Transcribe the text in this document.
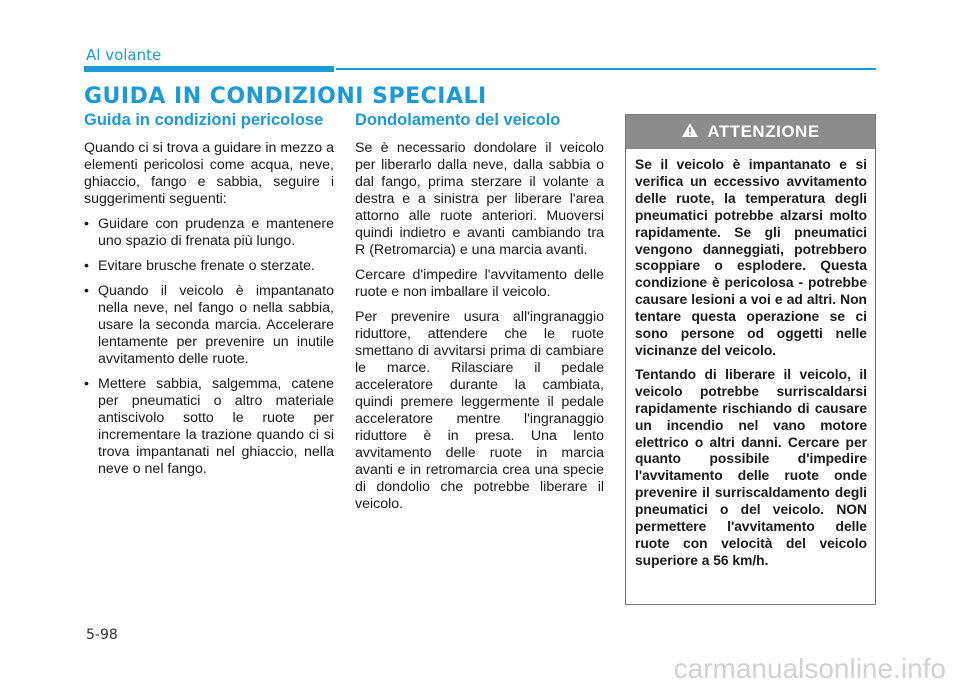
Al volante
GUIDA IN CONDIZIONI SPECIALI
Guida in condizioni pericolose

Quando ci si trova a guidare in mezzo a elementi pericolosi come acqua, neve, ghiaccio, fango e sabbia, seguire i suggerimenti seguenti:

• Guidare con prudenza e mantenere uno spazio di frenata più lungo.
• Evitare brusche frenate o sterzate.
• Quando il veicolo è impantanato nella neve, nel fango o nella sabbia, usare la seconda marcia. Accelerare lentamente per prevenire un inutile avvitamento delle ruote.
• Mettere sabbia, salgemma, catene per pneumatici o altro materiale antiscivolo sotto le ruote per incrementare la trazione quando ci si trova impantanati nel ghiaccio, nella neve o nel fango.
Dondolamento del veicolo

Se è necessario dondolare il veicolo per liberarlo dalla neve, dalla sabbia o dal fango, prima sterzare il volante a destra e a sinistra per liberare l'area attorno alle ruote anteriori. Muoversi quindi indietro e avanti cambiando tra R (Retromarcia) e una marcia avanti.

Cercare d'impedire l'avvitamento delle ruote e non imballare il veicolo.

Per prevenire usura all'ingranaggio riduttore, attendere che le ruote smettano di avvitarsi prima di cambiare le marce. Rilasciare il pedale acceleratore durante la cambiata, quindi premere leggermente il pedale acceleratore mentre l'ingranaggio riduttore è in presa. Una lento avvitamento delle ruote in marcia avanti e in retromarcia crea una specie di dondolio che potrebbe liberare il veicolo.

ATTENZIONE

Se il veicolo è impantanato e si verifica un eccessivo avvitamento delle ruote, la temperatura degli pneumatici potrebbe alzarsi molto rapidamente. Se gli pneumatici vengono danneggiati, potrebbero scoppiare o esplodere. Questa condizione è pericolosa - potrebbe causare lesioni a voi e ad altri. Non tentare questa operazione se ci sono persone od oggetti nelle vicinanze del veicolo.

Tentando di liberare il veicolo, il veicolo potrebbe surriscaldarsi rapidamente rischiando di causare un incendio nel vano motore elettrico o altri danni. Cercare per quanto possibile d'impedire l'avvitamento delle ruote onde prevenire il surriscaldamento degli pneumatici o del veicolo. NON permettere l'avvitamento delle ruote con velocità del veicolo superiore a 56 km/h.

5-98
carmanualsonline.info
